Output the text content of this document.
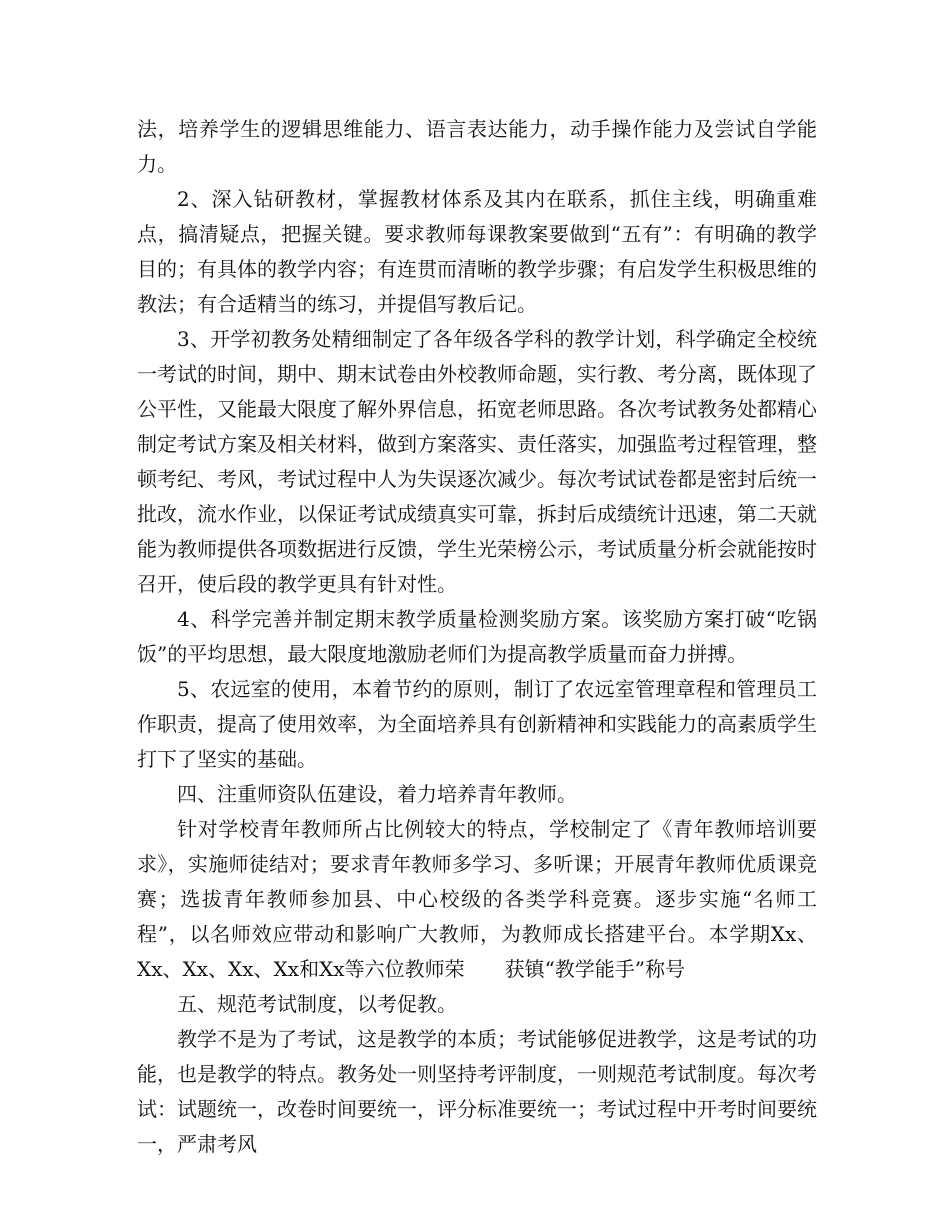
法，培养学生的逻辑思维能力、语言表达能力，动手操作能力及尝试自学能力。

2、深入钻研教材，掌握教材体系及其内在联系，抓住主线，明确重难点，搞清疑点，把握关键。要求教师每课教案要做到“五有”：有明确的教学目的；有具体的教学内容；有连贯而清晰的教学步骤；有启发学生积极思维的教法；有合适精当的练习，并提倡写教后记。

3、开学初教务处精细制定了各年级各学科的教学计划，科学确定全校统一考试的时间，期中、期末试卷由外校教师命题，实行教、考分离，既体现了公平性，又能最大限度了解外界信息，拓宽老师思路。各次考试教务处都精心制定考试方案及相关材料，做到方案落实、责任落实，加强监考过程管理，整顿考纪、考风，考试过程中人为失误逐次减少。每次考试试卷都是密封后统一批改，流水作业，以保证考试成绩真实可靠，拆封后成绩统计迅速，第二天就能为教师提供各项数据进行反馈，学生光荣榜公示，考试质量分析会就能按时召开，使后段的教学更具有针对性。

4、科学完善并制定期末教学质量检测奖励方案。该奖励方案打破“吃锅饭”的平均思想，最大限度地激励老师们为提高教学质量而奋力拼搏。

5、农远室的使用，本着节约的原则，制订了农远室管理章程和管理员工作职责，提高了使用效率，为全面培养具有创新精神和实践能力的高素质学生打下了坚实的基础。

四、注重师资队伍建设，着力培养青年教师。

针对学校青年教师所占比例较大的特点，学校制定了《青年教师培训要求》，实施师徒结对；要求青年教师多学习、多听课；开展青年教师优质课竞赛；选拔青年教师参加县、中心校级的各类学科竞赛。逐步实施“名师工程”，以名师效应带动和影响广大教师，为教师成长搭建平台。本学期Xx、Xx、Xx、Xx、Xx和Xx等六位教师荣　　获镇“教学能手”称号

五、规范考试制度，以考促教。

教学不是为了考试，这是教学的本质；考试能够促进教学，这是考试的功能，也是教学的特点。教务处一则坚持考评制度，一则规范考试制度。每次考试：试题统一，改卷时间要统一，评分标准要统一；考试过程中开考时间要统一，严肃考风
